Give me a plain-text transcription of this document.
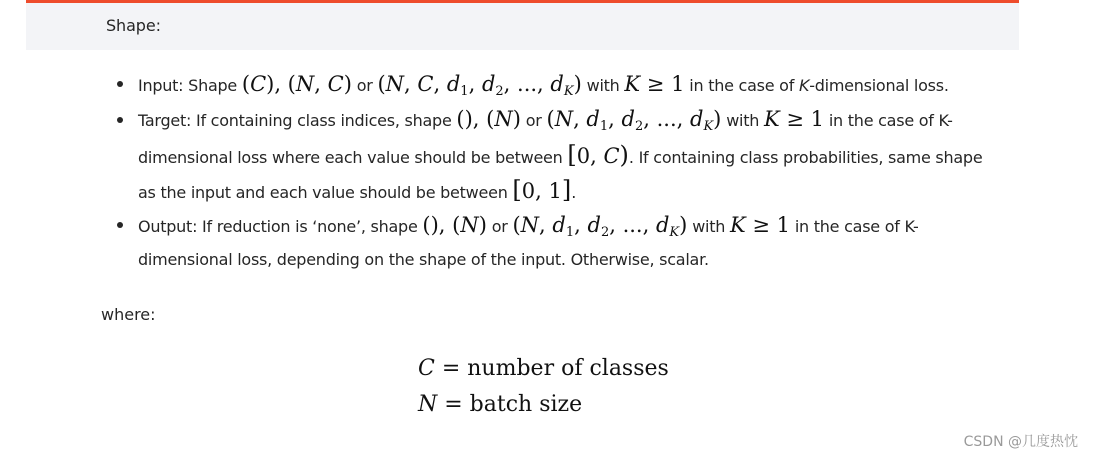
Shape:
Input: Shape (C), (N, C) or (N, C, $d_1$, $d_2$, ..., $d_K$) with K ≥ 1 in the case of K-dimensional loss.
Target: If containing class indices, shape (), (N) or (N, $d_1$, $d_2$, ..., $d_K$) with K ≥ 1 in the case of K-
dimensional loss where each value should be between [0, C). If containing class probabilities, same shape
as the input and each value should be between [0, 1].
Output: If reduction is ‘none’, shape (), (N) or (N, $d_1$, $d_2$, ..., $d_K$) with K ≥ 1 in the case of K-
dimensional loss, depending on the shape of the input. Otherwise, scalar.
where:
C = number of classes
N = batch size
CSDN @几度热忱
